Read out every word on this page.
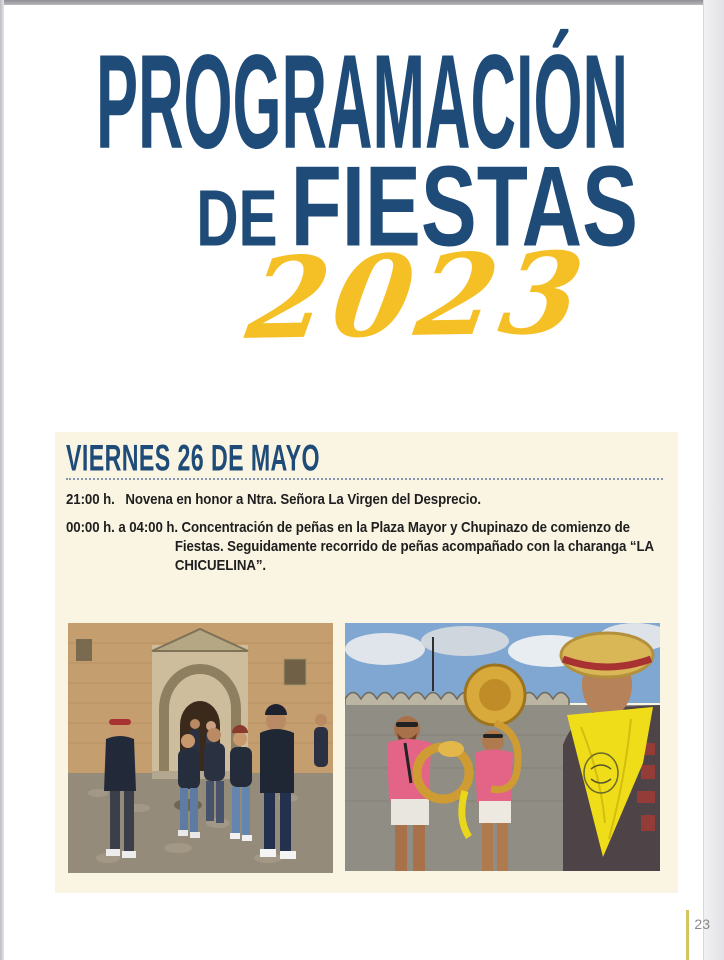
PROGRAMACIÓN
DE FIESTAS
2023
VIERNES 26 DE MAYO

21:00 h. Novena en honor a Ntra. Señora La Virgen del Desprecio.

00:00 h. a 04:00 h. Concentración de peñas en la Plaza Mayor y Chupinazo de comienzo de Fiestas. Seguidamente recorrido de peñas acompañado con la charanga “LA CHICUELINA”.

23
